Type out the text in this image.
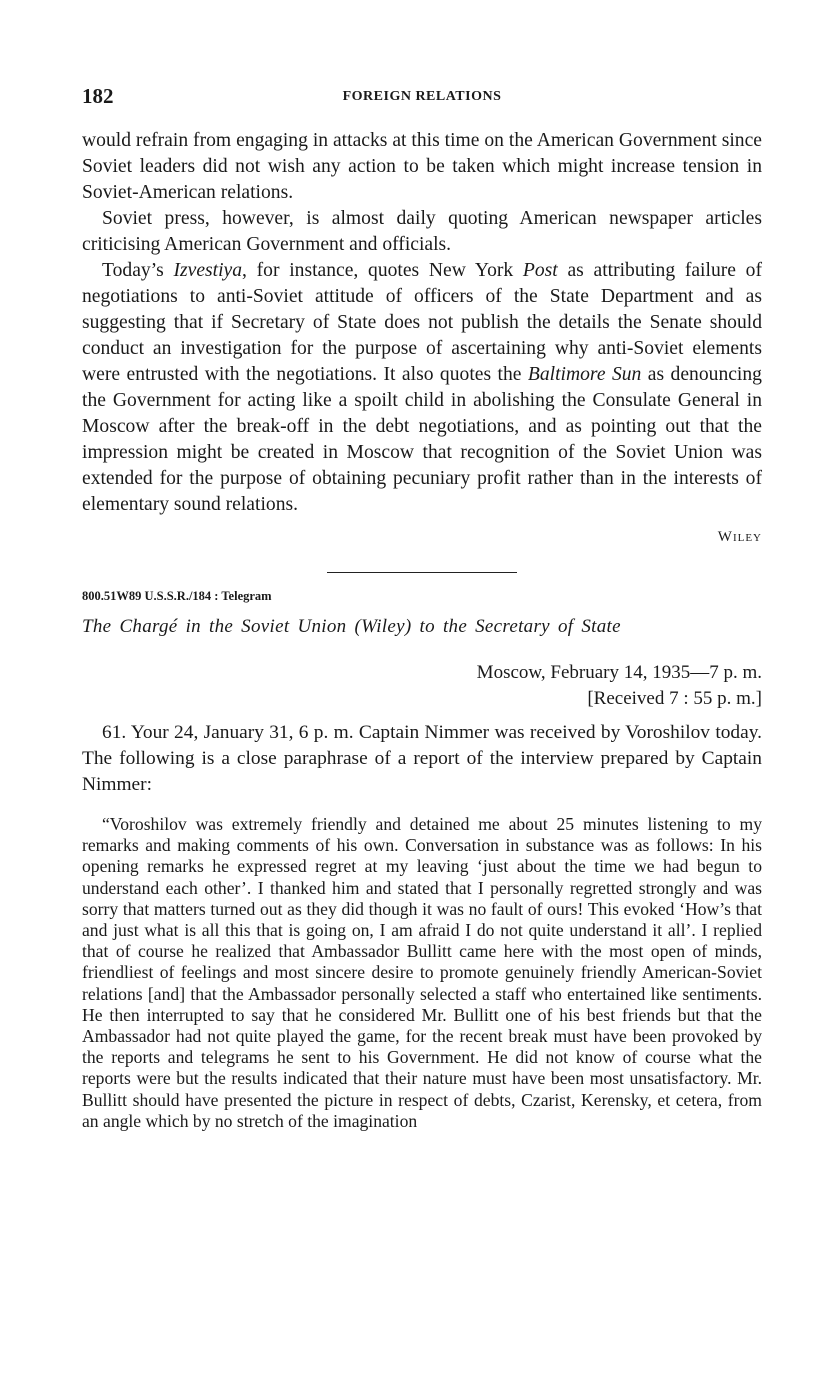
182	FOREIGN RELATIONS

would refrain from engaging in attacks at this time on the American Government since Soviet leaders did not wish any action to be taken which might increase tension in Soviet-American relations.

Soviet press, however, is almost daily quoting American newspaper articles criticising American Government and officials.

Today’s Izvestiya, for instance, quotes New York Post as attributing failure of negotiations to anti-Soviet attitude of officers of the State Department and as suggesting that if Secretary of State does not publish the details the Senate should conduct an investigation for the purpose of ascertaining why anti-Soviet elements were entrusted with the negotiations. It also quotes the Baltimore Sun as denouncing the Government for acting like a spoilt child in abolishing the Consulate General in Moscow after the break-off in the debt negotiations, and as pointing out that the impression might be created in Moscow that recognition of the Soviet Union was extended for the purpose of obtaining pecuniary profit rather than in the interests of elementary sound relations.

Wiley
800.51W89 U.S.S.R./184 : Telegram
The Chargé in the Soviet Union (Wiley) to the Secretary of State
Moscow, February 14, 1935—7 p. m.
[Received 7 : 55 p. m.]

61. Your 24, January 31, 6 p. m. Captain Nimmer was received by Voroshilov today. The following is a close paraphrase of a report of the interview prepared by Captain Nimmer:

“Voroshilov was extremely friendly and detained me about 25 minutes listening to my remarks and making comments of his own. Conversation in substance was as follows: In his opening remarks he expressed regret at my leaving ‘just about the time we had begun to understand each other’. I thanked him and stated that I personally regretted strongly and was sorry that matters turned out as they did though it was no fault of ours! This evoked ‘How’s that and just what is all this that is going on, I am afraid I do not quite understand it all’. I replied that of course he realized that Ambassador Bullitt came here with the most open of minds, friendliest of feelings and most sincere desire to promote genuinely friendly American-Soviet relations [and] that the Ambassador personally selected a staff who entertained like sentiments. He then interrupted to say that he considered Mr. Bullitt one of his best friends but that the Ambassador had not quite played the game, for the recent break must have been provoked by the reports and telegrams he sent to his Government. He did not know of course what the reports were but the results indicated that their nature must have been most unsatisfactory. Mr. Bullitt should have presented the picture in respect of debts, Czarist, Kerensky, et cetera, from an angle which by no stretch of the imagination
